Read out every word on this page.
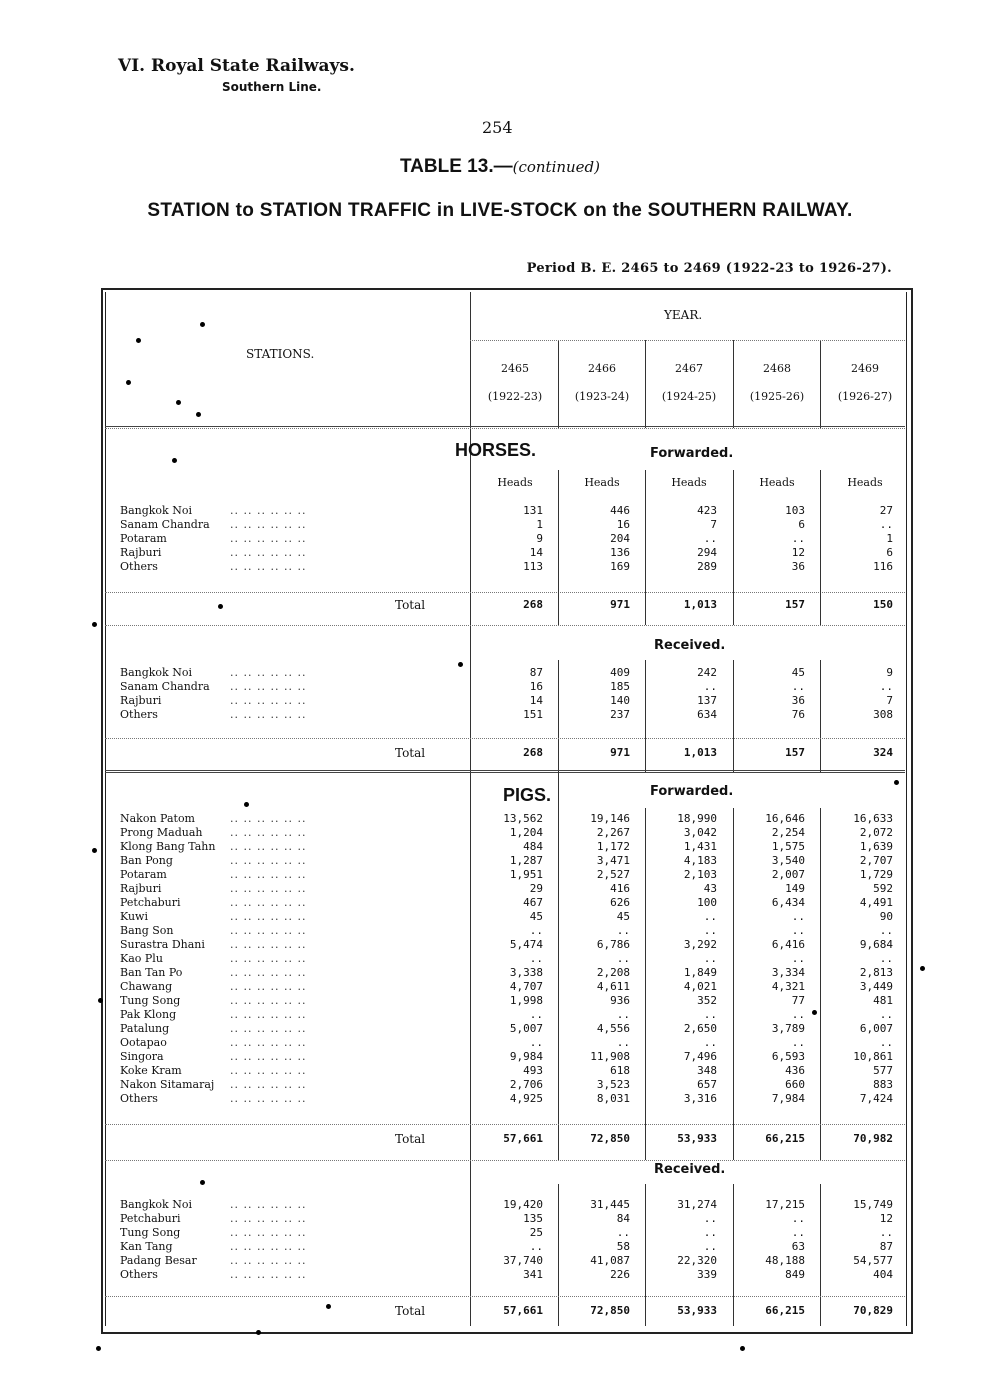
VI. Royal State Railways.
Southern Line.
254
TABLE 13.—(continued)
STATION to STATION TRAFFIC in LIVE-STOCK on the SOUTHERN RAILWAY.
Period B. E. 2465 to 2469 (1922-23 to 1926-27).
STATIONS.
YEAR.
2465
(1922-23)
2466
(1923-24)
2467
(1924-25)
2468
(1925-26)
2469
(1926-27)
Heads	Heads	Heads	Heads	Heads
HORSES.	Forwarded.
Bangkok Noi	.. .. .. .. .. ..	131	446	423	103	27
Sanam Chandra	.. .. .. .. .. ..	1	16	7	6	..
Potaram	.. .. .. .. .. ..	9	204	..	..	1
Rajburi	.. .. .. .. .. ..	14	136	294	12	6
Others	.. .. .. .. .. ..	113	169	289	36	116
Total	268	971	1,013	157	150
Received.
Bangkok Noi	.. .. .. .. .. ..	87	409	242	45	9
Sanam Chandra	.. .. .. .. .. ..	16	185	..	..	..
Rajburi	.. .. .. .. .. ..	14	140	137	36	7
Others	.. .. .. .. .. ..	151	237	634	76	308
Total	268	971	1,013	157	324
PIGS.	Forwarded.
Nakon Patom	.. .. .. .. .. ..	13,562	19,146	18,990	16,646	16,633
Prong Maduah	.. .. .. .. .. ..	1,204	2,267	3,042	2,254	2,072
Klong Bang Tahn	.. .. .. .. .. ..	484	1,172	1,431	1,575	1,639
Ban Pong	.. .. .. .. .. ..	1,287	3,471	4,183	3,540	2,707
Potaram	.. .. .. .. .. ..	1,951	2,527	2,103	2,007	1,729
Rajburi	.. .. .. .. .. ..	29	416	43	149	592
Petchaburi	.. .. .. .. .. ..	467	626	100	6,434	4,491
Kuwi	.. .. .. .. .. ..	45	45	..	..	90
Bang Son	.. .. .. .. .. ..	..	..	..	..	..
Surastra Dhani	.. .. .. .. .. ..	5,474	6,786	3,292	6,416	9,684
Kao Plu	.. .. .. .. .. ..	..	..	..	..	..
Ban Tan Po	.. .. .. .. .. ..	3,338	2,208	1,849	3,334	2,813
Chawang	.. .. .. .. .. ..	4,707	4,611	4,021	4,321	3,449
Tung Song	.. .. .. .. .. ..	1,998	936	352	77	481
Pak Klong	.. .. .. .. .. ..	..	..	..	..	..
Patalung	.. .. .. .. .. ..	5,007	4,556	2,650	3,789	6,007
Ootapao	.. .. .. .. .. ..	..	..	..	..	..
Singora	.. .. .. .. .. ..	9,984	11,908	7,496	6,593	10,861
Koke Kram	.. .. .. .. .. ..	493	618	348	436	577
Nakon Sitamaraj	.. .. .. .. .. ..	2,706	3,523	657	660	883
Others	.. .. .. .. .. ..	4,925	8,031	3,316	7,984	7,424
Total	57,661	72,850	53,933	66,215	70,982
Received.
Bangkok Noi	.. .. .. .. .. ..	19,420	31,445	31,274	17,215	15,749
Petchaburi	.. .. .. .. .. ..	135	84	..	..	12
Tung Song	.. .. .. .. .. ..	25	..	..	..	..
Kan Tang	.. .. .. .. .. ..	..	58	..	63	87
Padang Besar	.. .. .. .. .. ..	37,740	41,087	22,320	48,188	54,577
Others	.. .. .. .. .. ..	341	226	339	849	404
Total	57,661	72,850	53,933	66,215	70,829
